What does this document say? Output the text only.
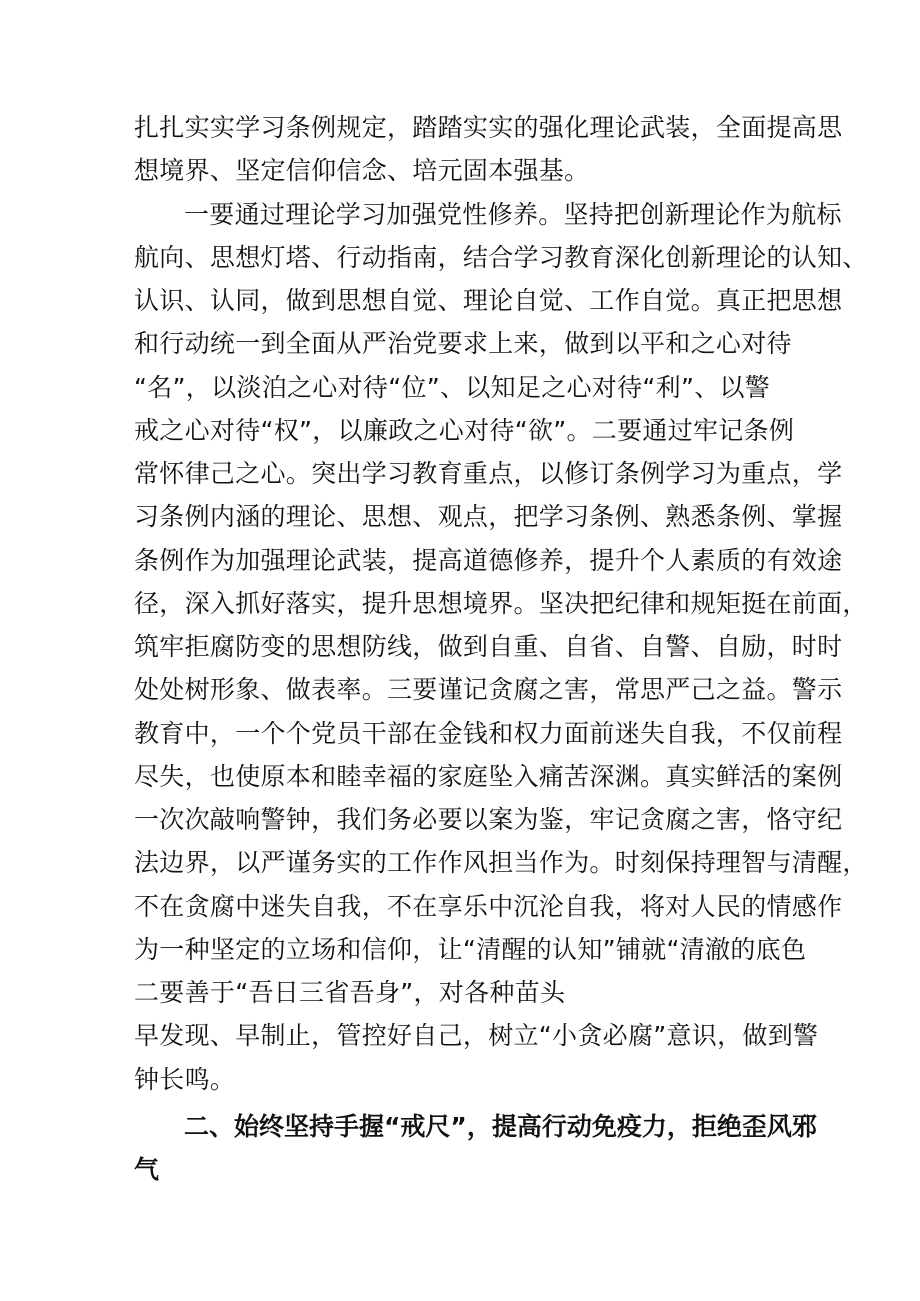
扎扎实实学习条例规定，踏踏实实的强化理论武装，全面提高思
想境界、坚定信仰信念、培元固本强基。
一要通过理论学习加强党性修养。坚持把创新理论作为航标
航向、思想灯塔、行动指南，结合学习教育深化创新理论的认知、
认识、认同，做到思想自觉、理论自觉、工作自觉。真正把思想
和行动统一到全面从严治党要求上来，做到以平和之心对待
“名”，以淡泊之心对待“位”、以知足之心对待“利”、以警
戒之心对待“权”，以廉政之心对待“欲”。二要通过牢记条例
常怀律己之心。突出学习教育重点，以修订条例学习为重点，学
习条例内涵的理论、思想、观点，把学习条例、熟悉条例、掌握
条例作为加强理论武装，提高道德修养，提升个人素质的有效途
径，深入抓好落实，提升思想境界。坚决把纪律和规矩挺在前面，
筑牢拒腐防变的思想防线，做到自重、自省、自警、自励，时时
处处树形象、做表率。三要谨记贪腐之害，常思严己之益。警示
教育中，一个个党员干部在金钱和权力面前迷失自我，不仅前程
尽失，也使原本和睦幸福的家庭坠入痛苦深渊。真实鲜活的案例
一次次敲响警钟，我们务必要以案为鉴，牢记贪腐之害，恪守纪
法边界，以严谨务实的工作作风担当作为。时刻保持理智与清醒，
不在贪腐中迷失自我，不在享乐中沉沦自我，将对人民的情感作
为一种坚定的立场和信仰，让“清醒的认知”铺就“清澈的底色
二要善于“吾日三省吾身”，对各种苗头
早发现、早制止，管控好自己，树立“小贪必腐”意识，做到警
钟长鸣。
二、始终坚持手握“戒尺”，提高行动免疫力，拒绝歪风邪
气
